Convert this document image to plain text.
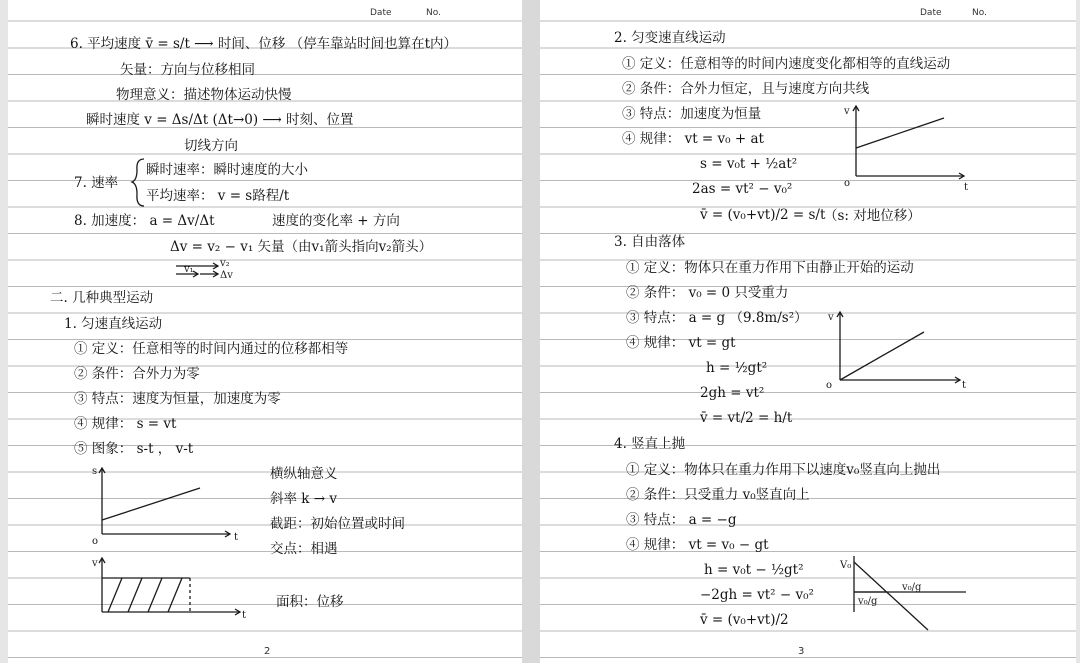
Date	No.
6. 平均速度 v̄ = s/t ⟶ 时间、位移 （停车靠站时间也算在t内）
矢量：方向与位移相同
物理意义：描述物体运动快慢
瞬时速度 v = Δs/Δt (Δt→0) ⟶ 时刻、位置
切线方向
瞬时速率：瞬时速度的大小
7. 速率
平均速率： v = s路程/t
8. 加速度： a = Δv/Δt	速度的变化率 + 方向
Δv = v₂ − v₁ 矢量（由v₁箭头指向v₂箭头）
v₂
v₁
Δv
二. 几种典型运动
1. 匀速直线运动
① 定义：任意相等的时间内通过的位移都相等
② 条件：合外力为零
③ 特点：速度为恒量，加速度为零
④ 规律： s = vt
⑤ 图象： s-t ， v-t
s
o	t
横纵轴意义
斜率 k → v
截距：初始位置或时间
交点：相遇
v
t
面积：位移
2
Date	No.
2. 匀变速直线运动
① 定义：任意相等的时间内速度变化都相等的直线运动
② 条件：合外力恒定，且与速度方向共线
③ 特点：加速度为恒量
④ 规律： vt = v₀ + at
s = v₀t + ½at²
2as = vt² − v₀²
v̄ = (v₀+vt)/2 = s/t
（s: 对地位移）
v
o	t
3. 自由落体
① 定义：物体只在重力作用下由静止开始的运动
② 条件： v₀ = 0 只受重力
③ 特点： a = g （9.8m/s²）
④ 规律： vt = gt
h = ½gt²
2gh = vt²
v̄ = vt/2 = h/t
v
o	t
4. 竖直上抛
① 定义：物体只在重力作用下以速度v₀竖直向上抛出
② 条件：只受重力 v₀竖直向上
③ 特点： a = −g
④ 规律： vt = v₀ − gt
h = v₀t − ½gt²
−2gh = vt² − v₀²
v̄ = (v₀+vt)/2
V₀
v₀/g
v₀/g
3
